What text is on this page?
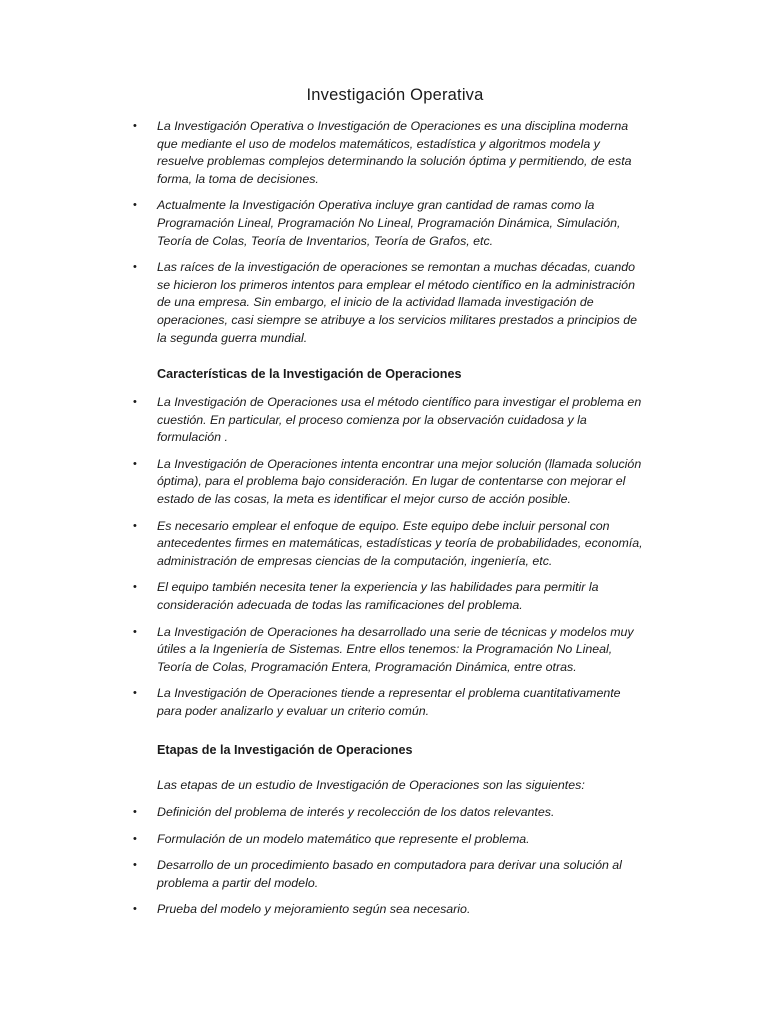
Investigación Operativa
• La Investigación Operativa o Investigación de Operaciones es una disciplina moderna que mediante el uso de modelos matemáticos, estadística y algoritmos modela y resuelve problemas complejos determinando la solución óptima y permitiendo, de esta forma, la toma de decisiones.
• Actualmente la Investigación Operativa incluye gran cantidad de ramas como la Programación Lineal, Programación No Lineal, Programación Dinámica, Simulación, Teoría de Colas, Teoría de Inventarios, Teoría de Grafos, etc.
• Las raíces de la investigación de operaciones se remontan a muchas décadas, cuando se hicieron los primeros intentos para emplear el método científico en la administración de una empresa. Sin embargo, el inicio de la actividad llamada investigación de operaciones, casi siempre se atribuye a los servicios militares prestados a principios de la segunda guerra mundial.
Características de la Investigación de Operaciones
• La Investigación de Operaciones usa el método científico para investigar el problema en cuestión. En particular, el proceso comienza por la observación cuidadosa y la formulación .
• La Investigación de Operaciones intenta encontrar una mejor solución (llamada solución óptima), para el problema bajo consideración. En lugar de contentarse con mejorar el estado de las cosas, la meta es identificar el mejor curso de acción posible.
• Es necesario emplear el enfoque de equipo. Este equipo debe incluir personal con antecedentes firmes en matemáticas, estadísticas y teoría de probabilidades, economía, administración de empresas ciencias de la computación, ingeniería, etc.
• El equipo también necesita tener la experiencia y las habilidades para permitir la consideración adecuada de todas las ramificaciones del problema.
• La Investigación de Operaciones ha desarrollado una serie de técnicas y modelos muy útiles a la Ingeniería de Sistemas. Entre ellos tenemos: la Programación No Lineal, Teoría de Colas, Programación Entera, Programación Dinámica, entre otras.
• La Investigación de Operaciones tiende a representar el problema cuantitativamente para poder analizarlo y evaluar un criterio común.
Etapas de la Investigación de Operaciones
Las etapas de un estudio de Investigación de Operaciones son las siguientes:
• Definición del problema de interés y recolección de los datos relevantes.
• Formulación de un modelo matemático que represente el problema.
• Desarrollo de un procedimiento basado en computadora para derivar una solución al problema a partir del modelo.
• Prueba del modelo y mejoramiento según sea necesario.
